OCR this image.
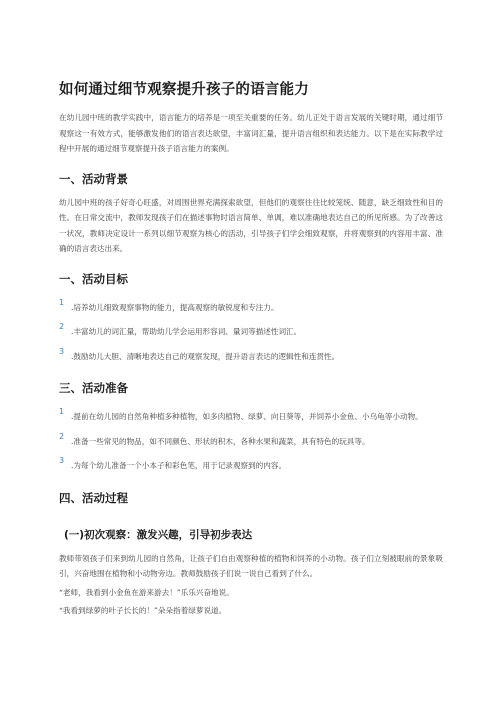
如何通过细节观察提升孩子的语言能力

在幼儿园中班的教学实践中，语言能力的培养是一项至关重要的任务。幼儿正处于语言发展的关键时期，通过细节观察这一有效方式，能够激发他们的语言表达欲望，丰富词汇量，提升语言组织和表达能力。以下是在实际教学过程中开展的通过细节观察提升孩子语言能力的案例。

一、活动背景

幼儿园中班的孩子好奇心旺盛，对周围世界充满探索欲望，但他们的观察往往比较笼统、随意，缺乏细致性和目的性。在日常交流中，教师发现孩子们在描述事物时语言简单、单调，难以准确地表达自己的所见所感。为了改善这一状况，教师决定设计一系列以细节观察为核心的活动，引导孩子们学会细致观察，并将观察到的内容用丰富、准确的语言表达出来。

一、活动目标
1
.培养幼儿细致观察事物的能力，提高观察的敏锐度和专注力。
2
.丰富幼儿的词汇量，帮助幼儿学会运用形容词、量词等描述性词汇。
3
.鼓励幼儿大胆、清晰地表达自己的观察发现，提升语言表达的逻辑性和连贯性。
三、活动准备
1
.提前在幼儿园的自然角种植多种植物，如多肉植物、绿萝、向日葵等，并饲养小金鱼、小乌龟等小动物。
2
.准备一些常见的物品，如不同颜色、形状的积木，各种水果和蔬菜，具有特色的玩具等。
3
.为每个幼儿准备一个小本子和彩色笔，用于记录观察到的内容。
四、活动过程
(一)初次观察：激发兴趣，引导初步表达

教师带领孩子们来到幼儿园的自然角，让孩子们自由观察种植的植物和饲养的小动物。孩子们立刻被眼前的景象吸引，兴奋地围在植物和小动物旁边。教师鼓励孩子们说一说自己看到了什么。

“老师，我看到小金鱼在游来游去！”乐乐兴奋地说。

“我看到绿萝的叶子长长的！”朵朵指着绿萝说道。
